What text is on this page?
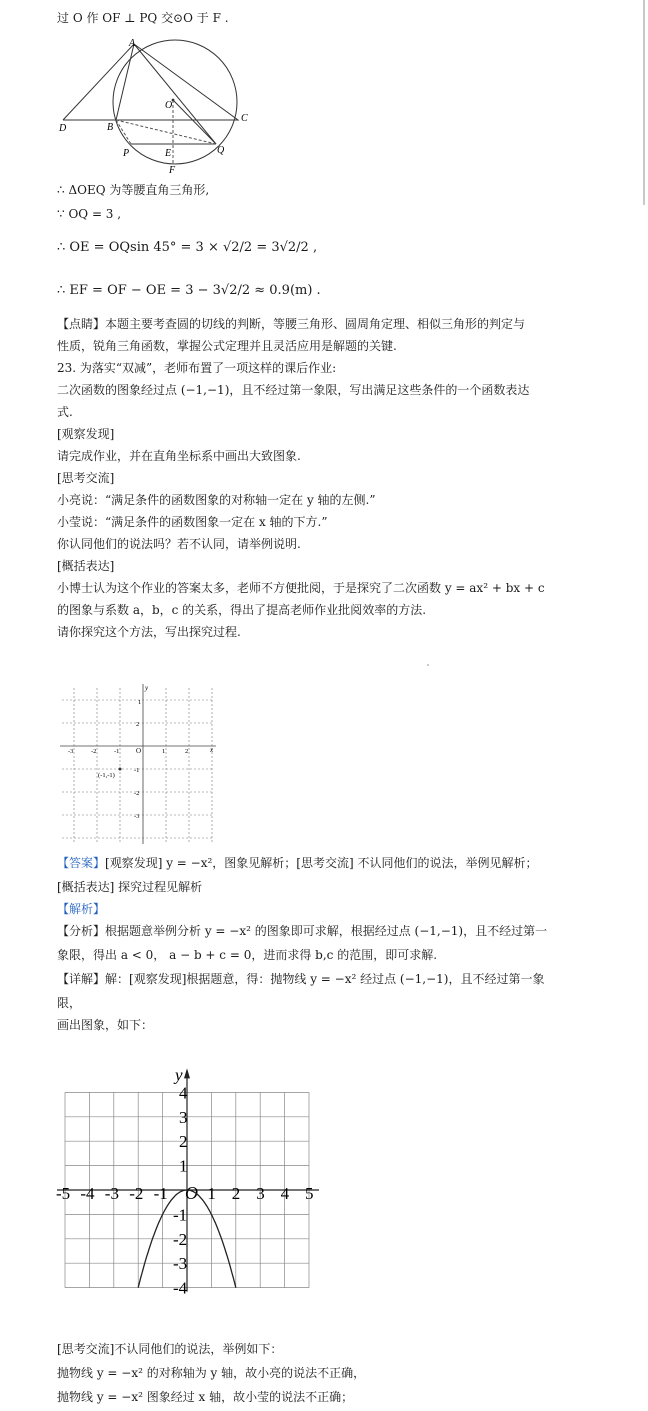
过 O 作 OF ⊥ PQ 交⊙O 于 F .
A
O
D	B
C
P	E	Q
F
∴ ΔOEQ 为等腰直角三角形,
∵ OQ = 3 ,
∴ OE = OQsin 45° = 3 × √2/2 = 3√2/2 ,
∴ EF = OF − OE = 3 − 3√2/2 ≈ 0.9(m) .
【点睛】本题主要考查圆的切线的判断，等腰三角形、圆周角定理、相似三角形的判定与
性质，锐角三角函数，掌握公式定理并且灵活应用是解题的关键.
23. 为落实“双减”，老师布置了一项这样的课后作业:
二次函数的图象经过点 (−1,−1)，且不经过第一象限，写出满足这些条件的一个函数表达
式.
[观察发现]
请完成作业，并在直角坐标系中画出大致图象.
[思考交流]
小亮说：“满足条件的函数图象的对称轴一定在 y 轴的左侧.”
小莹说：“满足条件的函数图象一定在 x 轴的下方.”
你认同他们的说法吗？若不认同，请举例说明.
[概括表达]
小博士认为这个作业的答案太多，老师不方便批阅，于是探究了二次函数 y = ax² + bx + c
的图象与系数 a，b，c 的关系，得出了提高老师作业批阅效率的方法.
请你探究这个方法，写出探究过程.
x
y
O
-3	-2	-1	1	2
2
1
-1
-2
-3
(-1,-1)
【答案】[观察发现] y = −x²，图象见解析；[思考交流] 不认同他们的说法，举例见解析；
[概括表达] 探究过程见解析
【解析】
【分析】根据题意举例分析 y = −x² 的图象即可求解，根据经过点 (−1,−1)，且不经过第一
象限，得出 a < 0， a − b + c = 0，进而求得 b,c 的范围，即可求解.
【详解】解：[观察发现]根据题意，得：抛物线 y = −x² 经过点 (−1,−1)，且不经过第一象
限，
画出图象，如下：
y
O
-5 -4 -3 -2 -1 1 2 3 4 5
4
3
2
1
-1
-2
-3
-4
[思考交流]不认同他们的说法，举例如下：
抛物线 y = −x² 的对称轴为 y 轴，故小亮的说法不正确，
抛物线 y = −x² 图象经过 x 轴，故小莹的说法不正确；
